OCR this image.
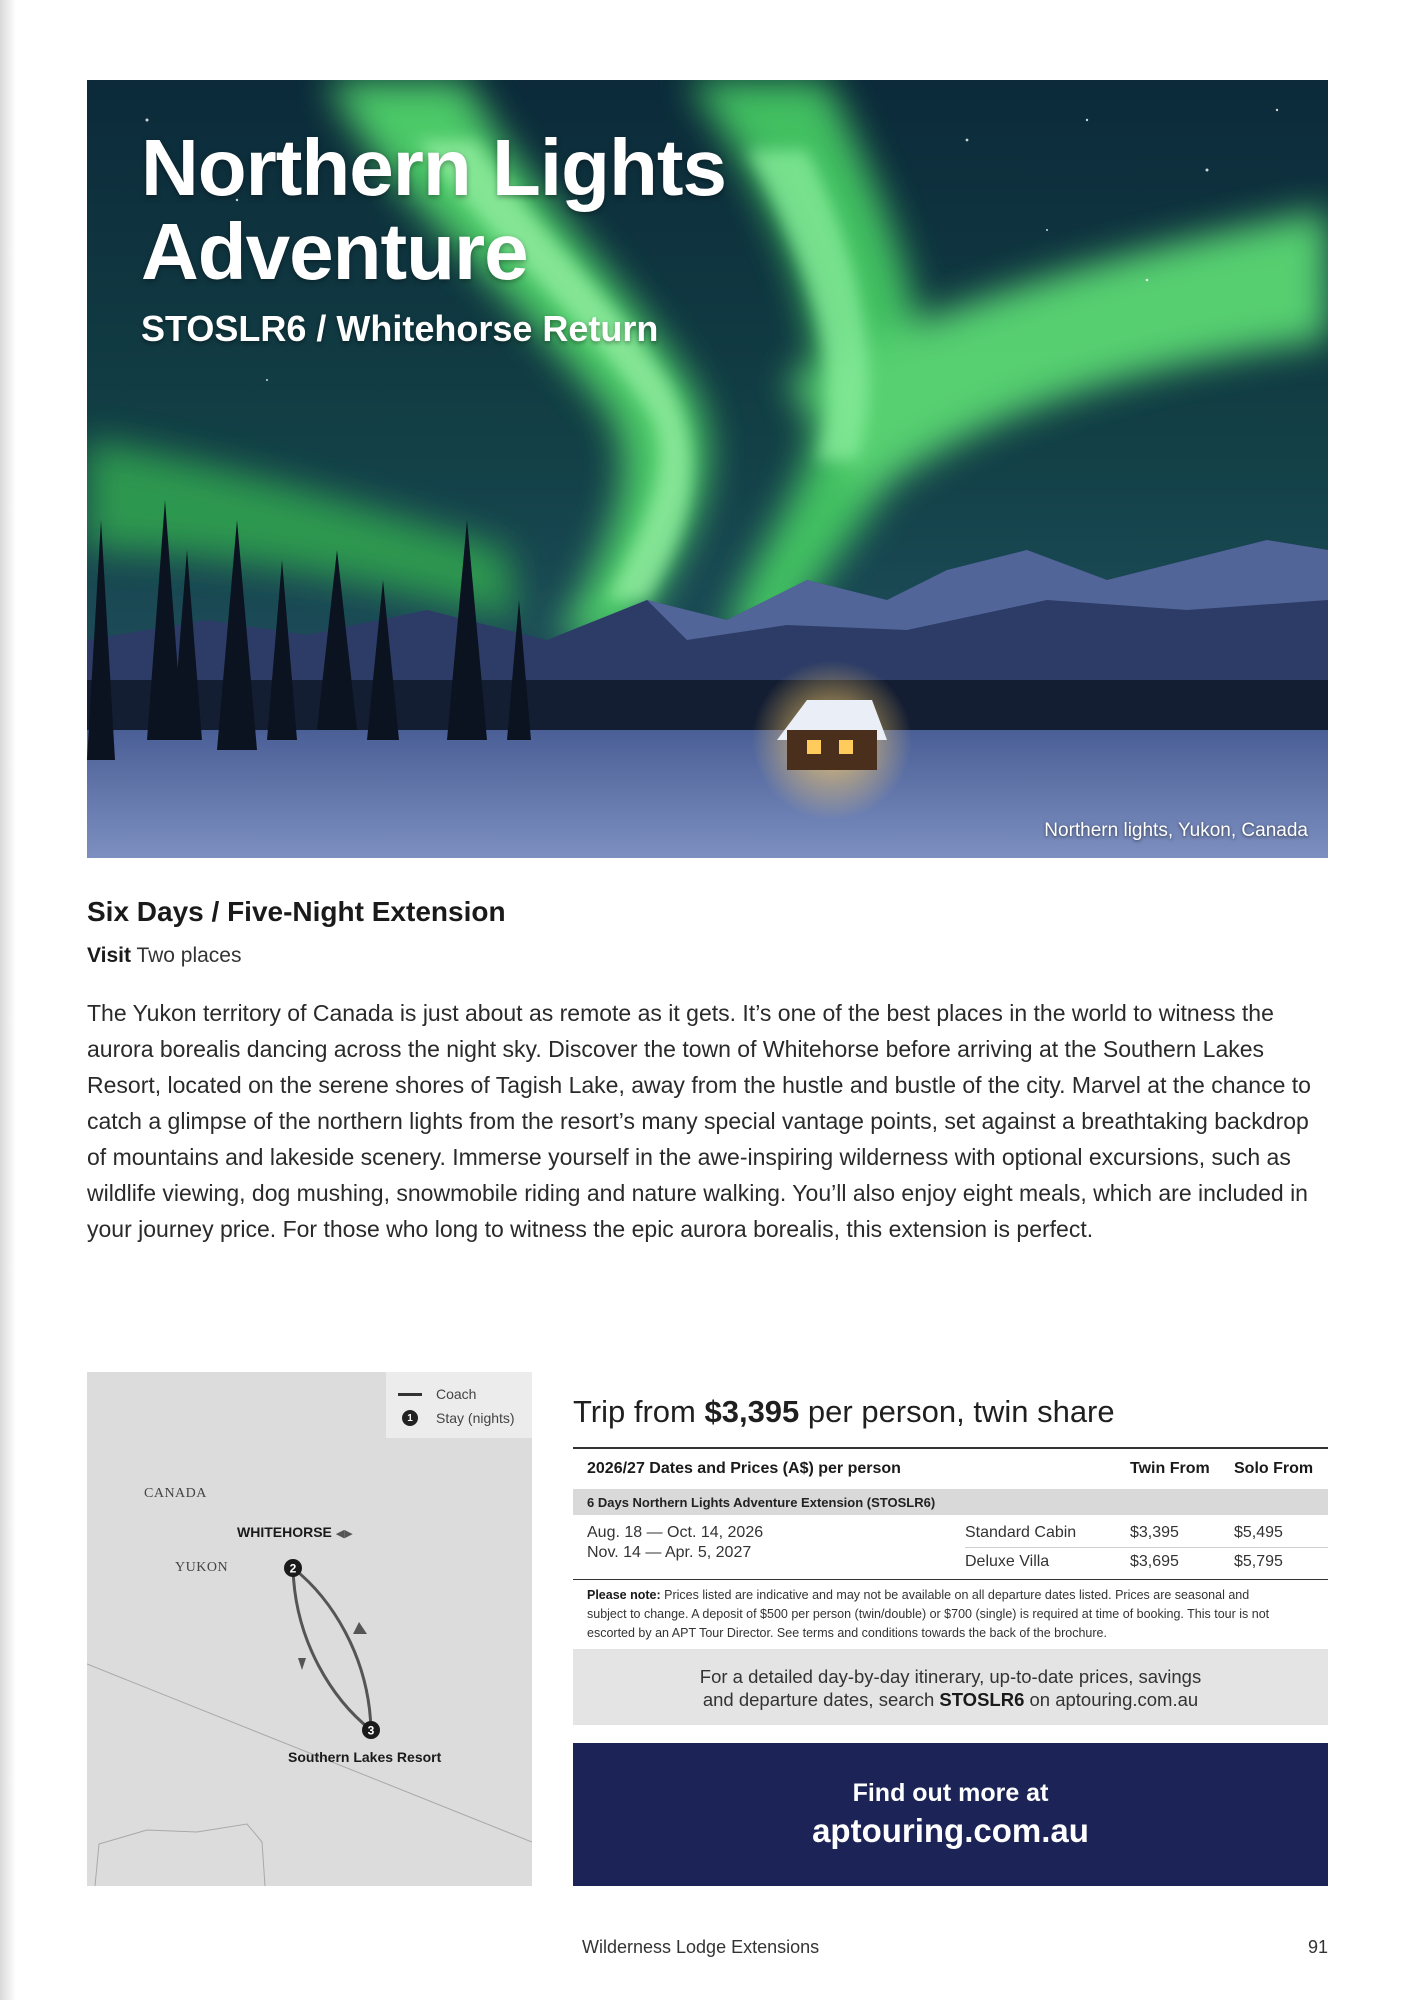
Northern Lights
Adventure
STOSLR6 / Whitehorse Return
Northern lights, Yukon, Canada
Six Days / Five-Night Extension
Visit Two places

The Yukon territory of Canada is just about as remote as it gets. It’s one of the best places in the world to witness the aurora borealis dancing across the night sky. Discover the town of Whitehorse before arriving at the Southern Lakes Resort, located on the serene shores of Tagish Lake, away from the hustle and bustle of the city. Marvel at the chance to catch a glimpse of the northern lights from the resort’s many special vantage points, set against a breathtaking backdrop of mountains and lakeside scenery. Immerse yourself in the awe-inspiring wilderness with optional excursions, such as wildlife viewing, dog mushing, snowmobile riding and nature walking. You’ll also enjoy eight meals, which are included in your journey price. For those who long to witness the epic aurora borealis, this extension is perfect.

2
3
Coach
1	Stay (nights)
CANADA
YUKON
WHITEHORSE ◀▶
Southern Lakes Resort
Trip from $3,395 per person, twin share
2026/27 Dates and Prices (A$) per person	Twin From	Solo From
6 Days Northern Lights Adventure Extension (STOSLR6)
Aug. 18 — Oct. 14, 2026
Nov. 14 — Apr. 5, 2027
Standard Cabin	$3,395	$5,495
Deluxe Villa	$3,695	$5,795
Please note: Prices listed are indicative and may not be available on all departure dates listed. Prices are seasonal and subject to change. A deposit of $500 per person (twin/double) or $700 (single) is required at time of booking. This tour is not escorted by an APT Tour Director. See terms and conditions towards the back of the brochure.
For a detailed day-by-day itinerary, up-to-date prices, savings
and departure dates, search STOSLR6 on aptouring.com.au
Find out more at
aptouring.com.au
Wilderness Lodge Extensions	91
